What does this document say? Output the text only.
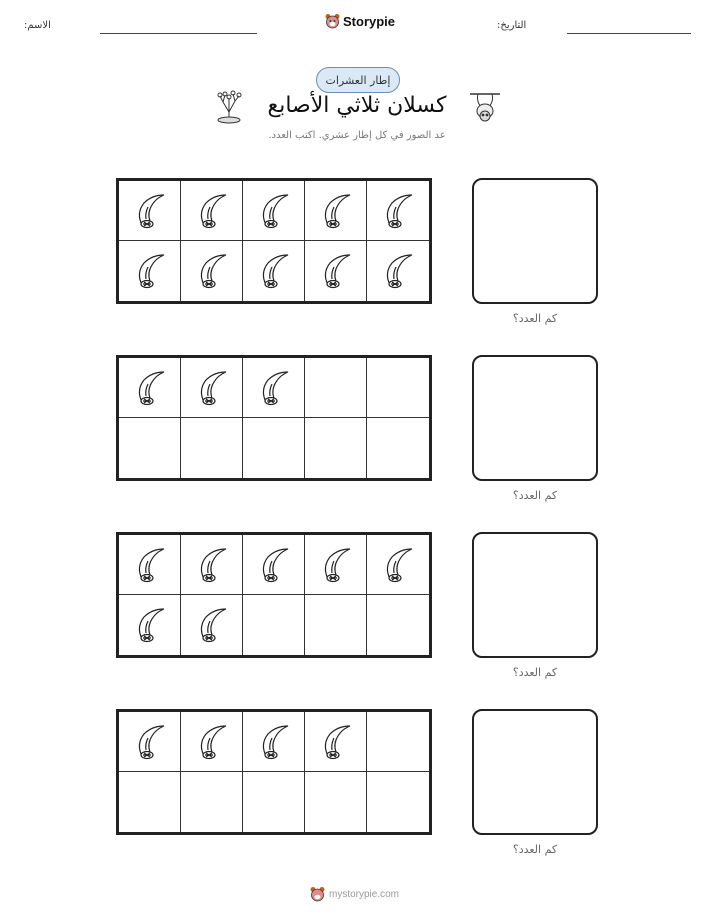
:الاسم	Storypie	:التاريخ
إطار العشرات
كسلان ثلاثي الأصابع
عد الصور في كل إطار عشري. اكتب العدد.
كم العدد؟
كم العدد؟
كم العدد؟
كم العدد؟
mystorypie.com
